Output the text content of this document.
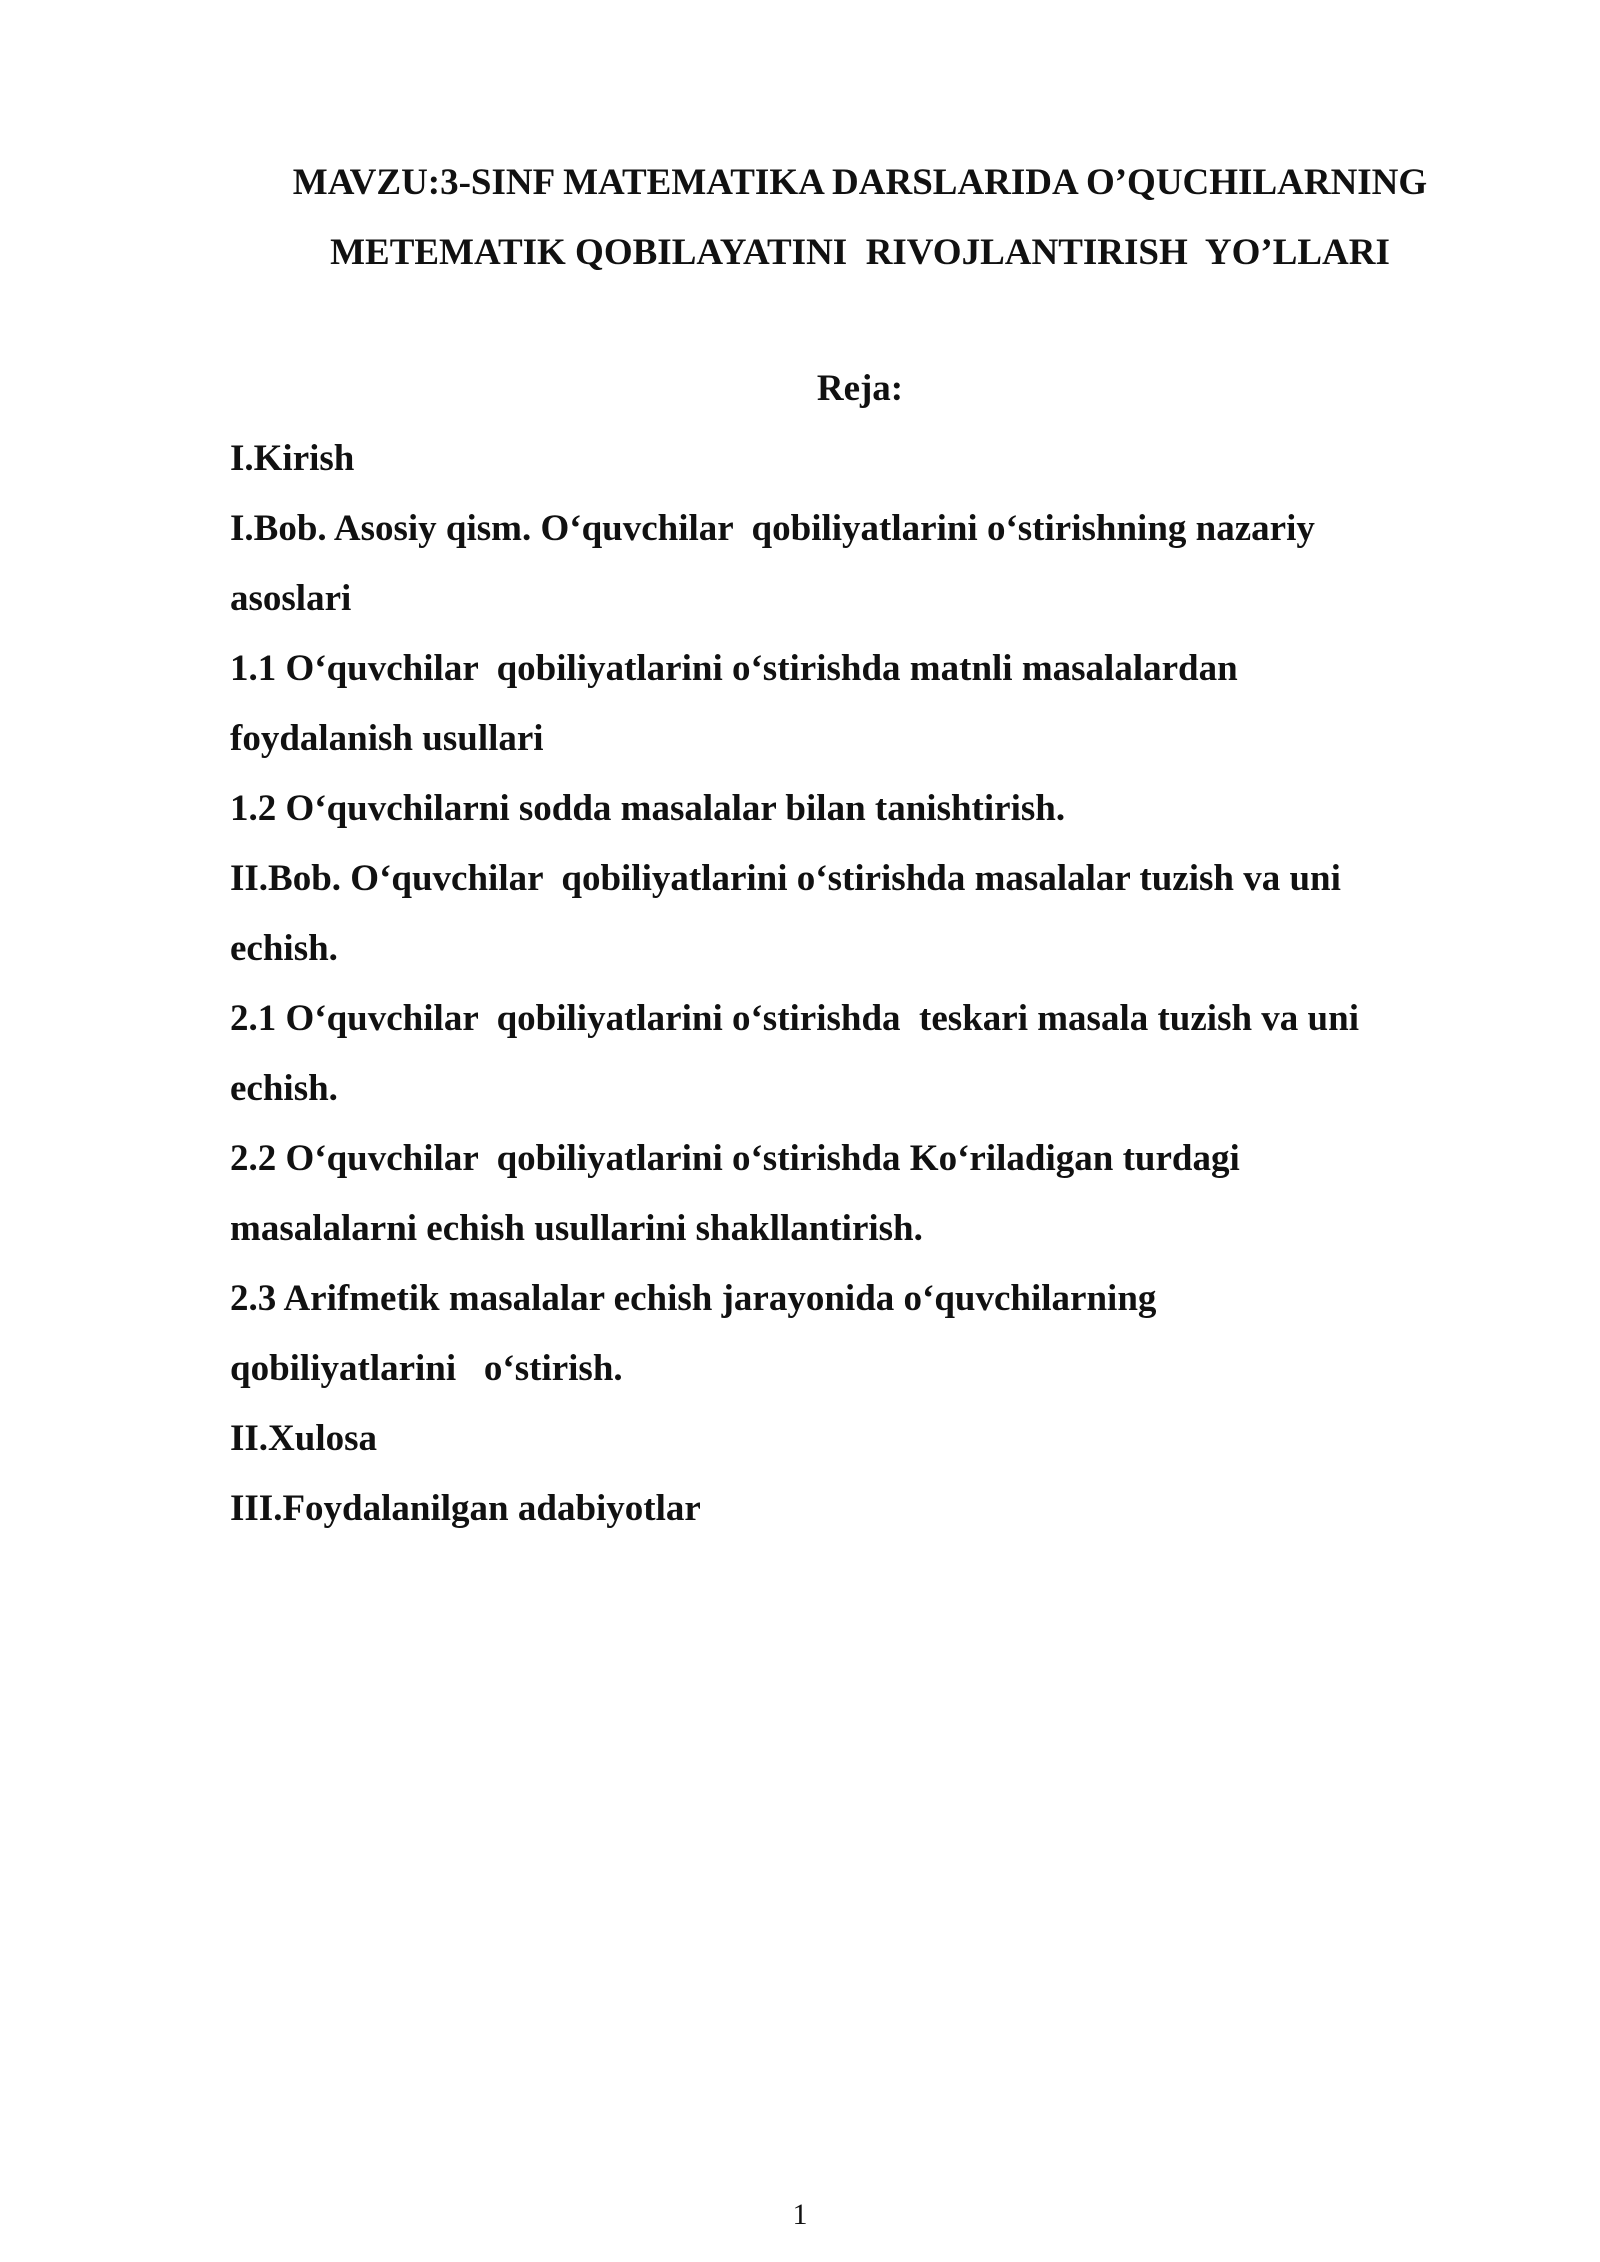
MAVZU:3-SINF MATEMATIKA DARSLARIDA O’QUCHILARNING
METEMATIK QOBILAYATINI  RIVOJLANTIRISH  YO’LLARI
Reja:
I.Kirish
I.Bob. Asosiy qism. O‘quvchilar  qobiliyatlarini o‘stirishning nazariy
asoslari
1.1 O‘quvchilar  qobiliyatlarini o‘stirishda matnli masalalardan
foydalanish usullari
1.2 O‘quvchilarni sodda masalalar bilan tanishtirish.
II.Bob. O‘quvchilar  qobiliyatlarini o‘stirishda masalalar tuzish va uni
echish.
2.1 O‘quvchilar  qobiliyatlarini o‘stirishda  teskari masala tuzish va uni
echish.
2.2 O‘quvchilar  qobiliyatlarini o‘stirishda Ko‘riladigan turdagi
masalalarni echish usullarini shakllantirish.
2.3 Arifmetik masalalar echish jarayonida o‘quvchilarning
qobiliyatlarini   o‘stirish.
II.Xulosa
III.Foydalanilgan adabiyotlar
1
